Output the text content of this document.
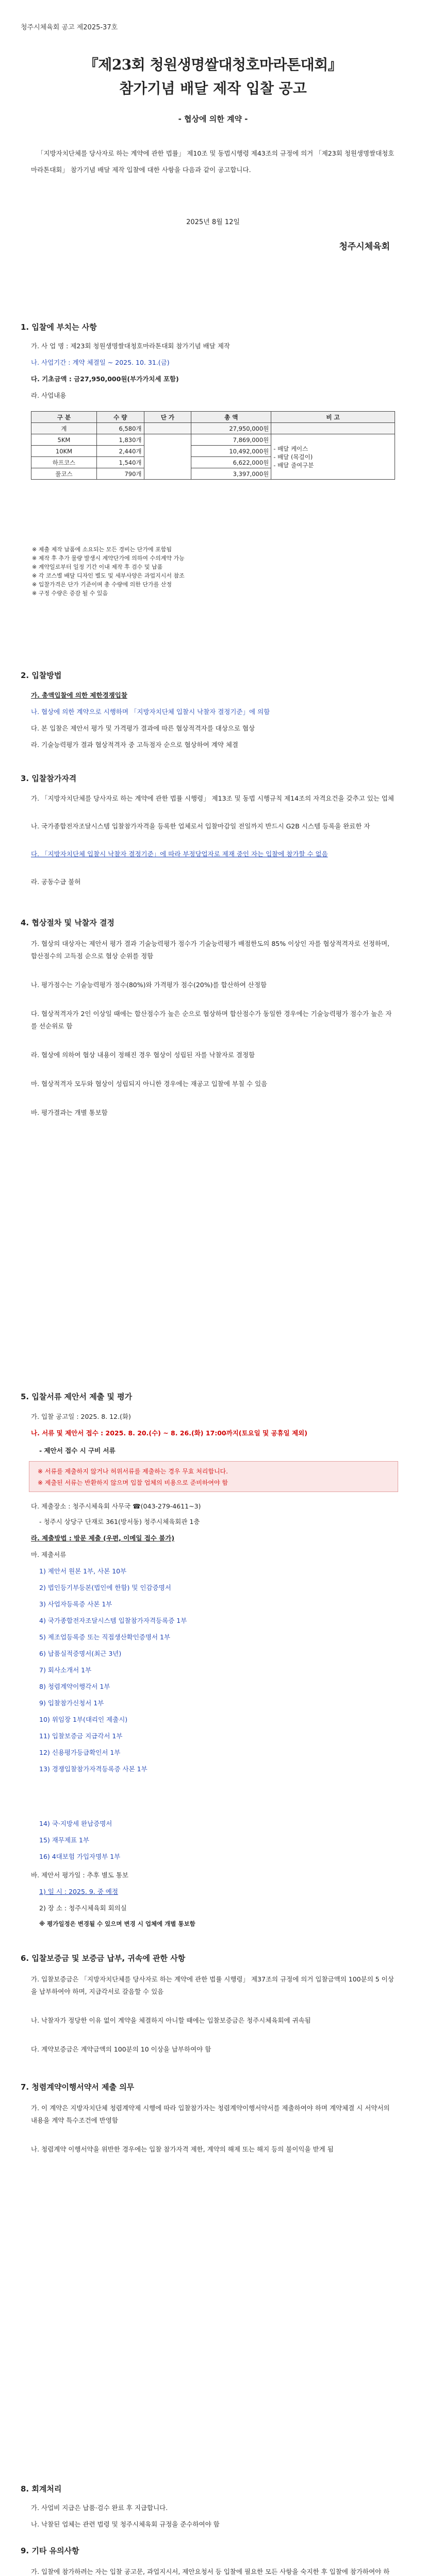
청주시체육회 공고 제2025-37호
『제23회 청원생명쌀대청호마라톤대회』
참가기념 배달 제작 입찰 공고
- 협상에 의한 계약 -
「지방자치단체를 당사자로 하는 계약에 관한 법률」 제10조 및 동법시행령 제43조의 규정에 의거 「제23회 청원생명쌀대청호마라톤대회」 참가기념 배달 제작 입찰에 대한 사항을 다음과 같이 공고합니다.
2025년 8월 12일
청주시체육회
1. 입찰에 부치는 사항
가. 사 업 명 : 제23회 청원생명쌀대청호마라톤대회 참가기념 배달 제작
나. 사업기간 : 계약 체결일 ~ 2025. 10. 31.(금)
다. 기초금액 : 금27,950,000원(부가가치세 포함)
라. 사업내용
구 분	수 량	단 가	총 액	비 고
계	6,580개		27,950,000원	
5KM	1,830개		7,869,000원	- 배달 케이스
- 배달 (목걸이)
- 배달 줄여구분

10KM	2,440개		10,492,000원	
하프코스	1,540개		6,622,000원	
풀코스	790개		3,397,000원	
※ 제출 제작 납품에 소요되는 모든 경비는 단가에 포함됨
※ 제작 후 추가 물량 발생시 계약단가에 의하여 수의계약 가능
※ 계약일로부터 일정 기간 이내 제작 후 검수 및 납품
※ 각 코스별 배달 디자인 별도 및 세부사양은 과업지시서 참조
※ 입찰가격은 단가 기준이며 총 수량에 의한 단가를 산정
※ 구정 수량은 증감 될 수 있음
2. 입찰방법
가. 총액입찰에 의한 제한경쟁입찰
나. 협상에 의한 계약으로 시행하며 「지방자치단체 입찰시 낙찰자 결정기준」에 의함
다. 본 입찰은 제안서 평가 및 가격평가 결과에 따른 협상적격자를 대상으로 협상
라. 기술능력평가 결과 협상적격자 중 고득점자 순으로 협상하여 계약 체결
3. 입찰참가자격
가. 「지방자치단체를 당사자로 하는 계약에 관한 법률 시행령」 제13조 및 동법 시행규칙 제14조의 자격요건을 갖추고 있는 업체
나. 국가종합전자조달시스템 입찰참가자격을 등록한 업체로서 입찰마감일 전일까지 반드시 G2B 시스템 등록을 완료한 자
다. 「지방자치단체 입찰시 낙찰자 결정기준」에 따라 부정당업자로 제재 중인 자는 입찰에 참가할 수 없음
라. 공동수급 불허
4. 협상절차 및 낙찰자 결정
가. 협상의 대상자는 제안서 평가 결과 기술능력평가 점수가 기술능력평가 배점한도의 85% 이상인 자를 협상적격자로 선정하며, 합산점수의 고득점 순으로 협상 순위를 정함
나. 평가점수는 기술능력평가 점수(80%)와 가격평가 점수(20%)를 합산하여 산정함
다. 협상적격자가 2인 이상일 때에는 합산점수가 높은 순으로 협상하며 합산점수가 동일한 경우에는 기술능력평가 점수가 높은 자를 선순위로 함
라. 협상에 의하여 협상 내용이 정해진 경우 협상이 성립된 자를 낙찰자로 결정함
마. 협상적격자 모두와 협상이 성립되지 아니한 경우에는 재공고 입찰에 부칠 수 있음
바. 평가결과는 개별 통보함
5. 입찰서류 제안서 제출 및 평가
가. 입찰 공고일 : 2025. 8. 12.(화)
나. 서류 및 제안서 접수 : 2025. 8. 20.(수) ~ 8. 26.(화) 17:00까지(토요일 및 공휴일 제외)
- 제안서 접수 시 구비 서류
※ 서류를 제출하지 않거나 허위서류를 제출하는 경우 무효 처리합니다.
※ 제출된 서류는 반환하지 않으며 입찰 업체의 비용으로 준비하여야 함
다. 제출장소 : 청주시체육회 사무국 ☎(043-279-4611~3)
- 청주시 상당구 단재로 361(방서동) 청주시체육회관 1층
라. 제출방법 : 방문 제출 (우편, 이메일 접수 불가)
마. 제출서류
1) 제안서 원본 1부, 사본 10부
2) 법인등기부등본(법인에 한함) 및 인감증명서
3) 사업자등록증 사본 1부
4) 국가종합전자조달시스템 입찰참가자격등록증 1부
5) 제조업등록증 또는 직접생산확인증명서 1부
6) 납품실적증명서(최근 3년)
7) 회사소개서 1부
8) 청렴계약이행각서 1부
9) 입찰참가신청서 1부
10) 위임장 1부(대리인 제출시)
11) 입찰보증금 지급각서 1부
12) 신용평가등급확인서 1부
13) 경쟁입찰참가자격등록증 사본 1부
14) 국·지방세 완납증명서
15) 재무제표 1부
16) 4대보험 가입자명부 1부
바. 제안서 평가일 : 추후 별도 통보
1) 일 시 : 2025. 9. 중 예정
2) 장 소 : 청주시체육회 회의실
※ 평가일정은 변경될 수 있으며 변경 시 업체에 개별 통보함
6. 입찰보증금 및 보증금 납부, 귀속에 관한 사항
가. 입찰보증금은 「지방자치단체를 당사자로 하는 계약에 관한 법률 시행령」 제37조의 규정에 의거 입찰금액의 100분의 5 이상을 납부하여야 하며, 지급각서로 갈음할 수 있음
나. 낙찰자가 정당한 이유 없이 계약을 체결하지 아니할 때에는 입찰보증금은 청주시체육회에 귀속됨
다. 계약보증금은 계약금액의 100분의 10 이상을 납부하여야 함
7. 청렴계약이행서약서 제출 의무
가. 이 계약은 지방자치단체 청렴계약제 시행에 따라 입찰참가자는 청렴계약이행서약서를 제출하여야 하며 계약체결 시 서약서의 내용을 계약 특수조건에 반영함
나. 청렴계약 이행서약을 위반한 경우에는 입찰 참가자격 제한, 계약의 해제 또는 해지 등의 불이익을 받게 됨
8. 회계처리
가. 사업비 지급은 납품·검수 완료 후 지급합니다.
나. 낙찰된 업체는 관련 법령 및 청주시체육회 규정을 준수하여야 함
9. 기타 유의사항
가. 입찰에 참가하려는 자는 입찰 공고문, 과업지시서, 제안요청서 등 입찰에 필요한 모든 사항을 숙지한 후 입찰에 참가하여야 하
